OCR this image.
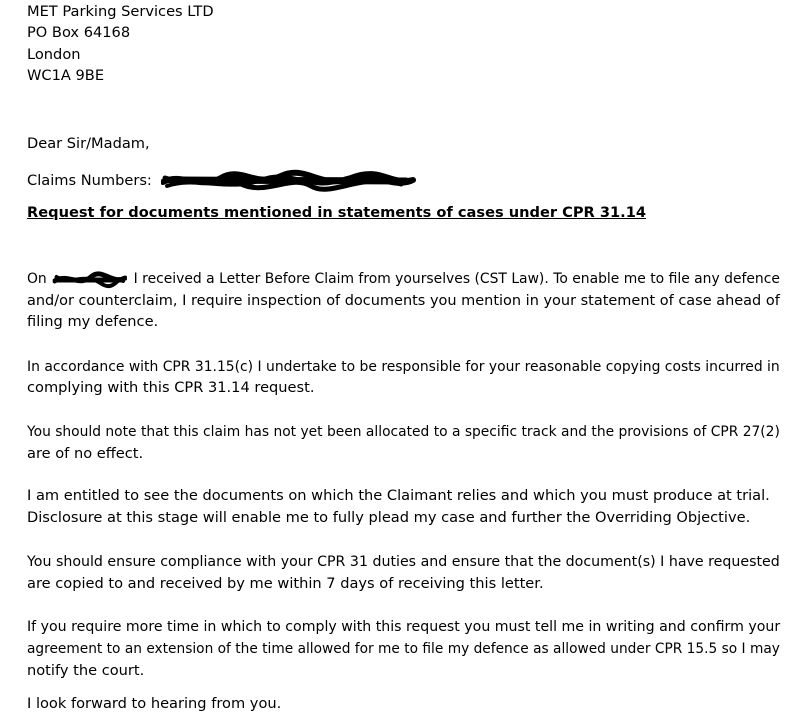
MET Parking Services LTD
PO Box 64168
London
WC1A 9BE
Dear Sir/Madam,
Claims Numbers:
Request for documents mentioned in statements of cases under CPR 31.14
On	I received a Letter Before Claim from yourselves (CST Law). To enable me to file any defence
and/or counterclaim, I require inspection of documents you mention in your statement of case ahead of
filing my defence.
In accordance with CPR 31.15(c) I undertake to be responsible for your reasonable copying costs incurred in
complying with this CPR 31.14 request.
You should note that this claim has not yet been allocated to a specific track and the provisions of CPR 27(2)
are of no effect.
I am entitled to see the documents on which the Claimant relies and which you must produce at trial.
Disclosure at this stage will enable me to fully plead my case and further the Overriding Objective.
You should ensure compliance with your CPR 31 duties and ensure that the document(s) I have requested
are copied to and received by me within 7 days of receiving this letter.
If you require more time in which to comply with this request you must tell me in writing and confirm your
agreement to an extension of the time allowed for me to file my defence as allowed under CPR 15.5 so I may
notify the court.
I look forward to hearing from you.
